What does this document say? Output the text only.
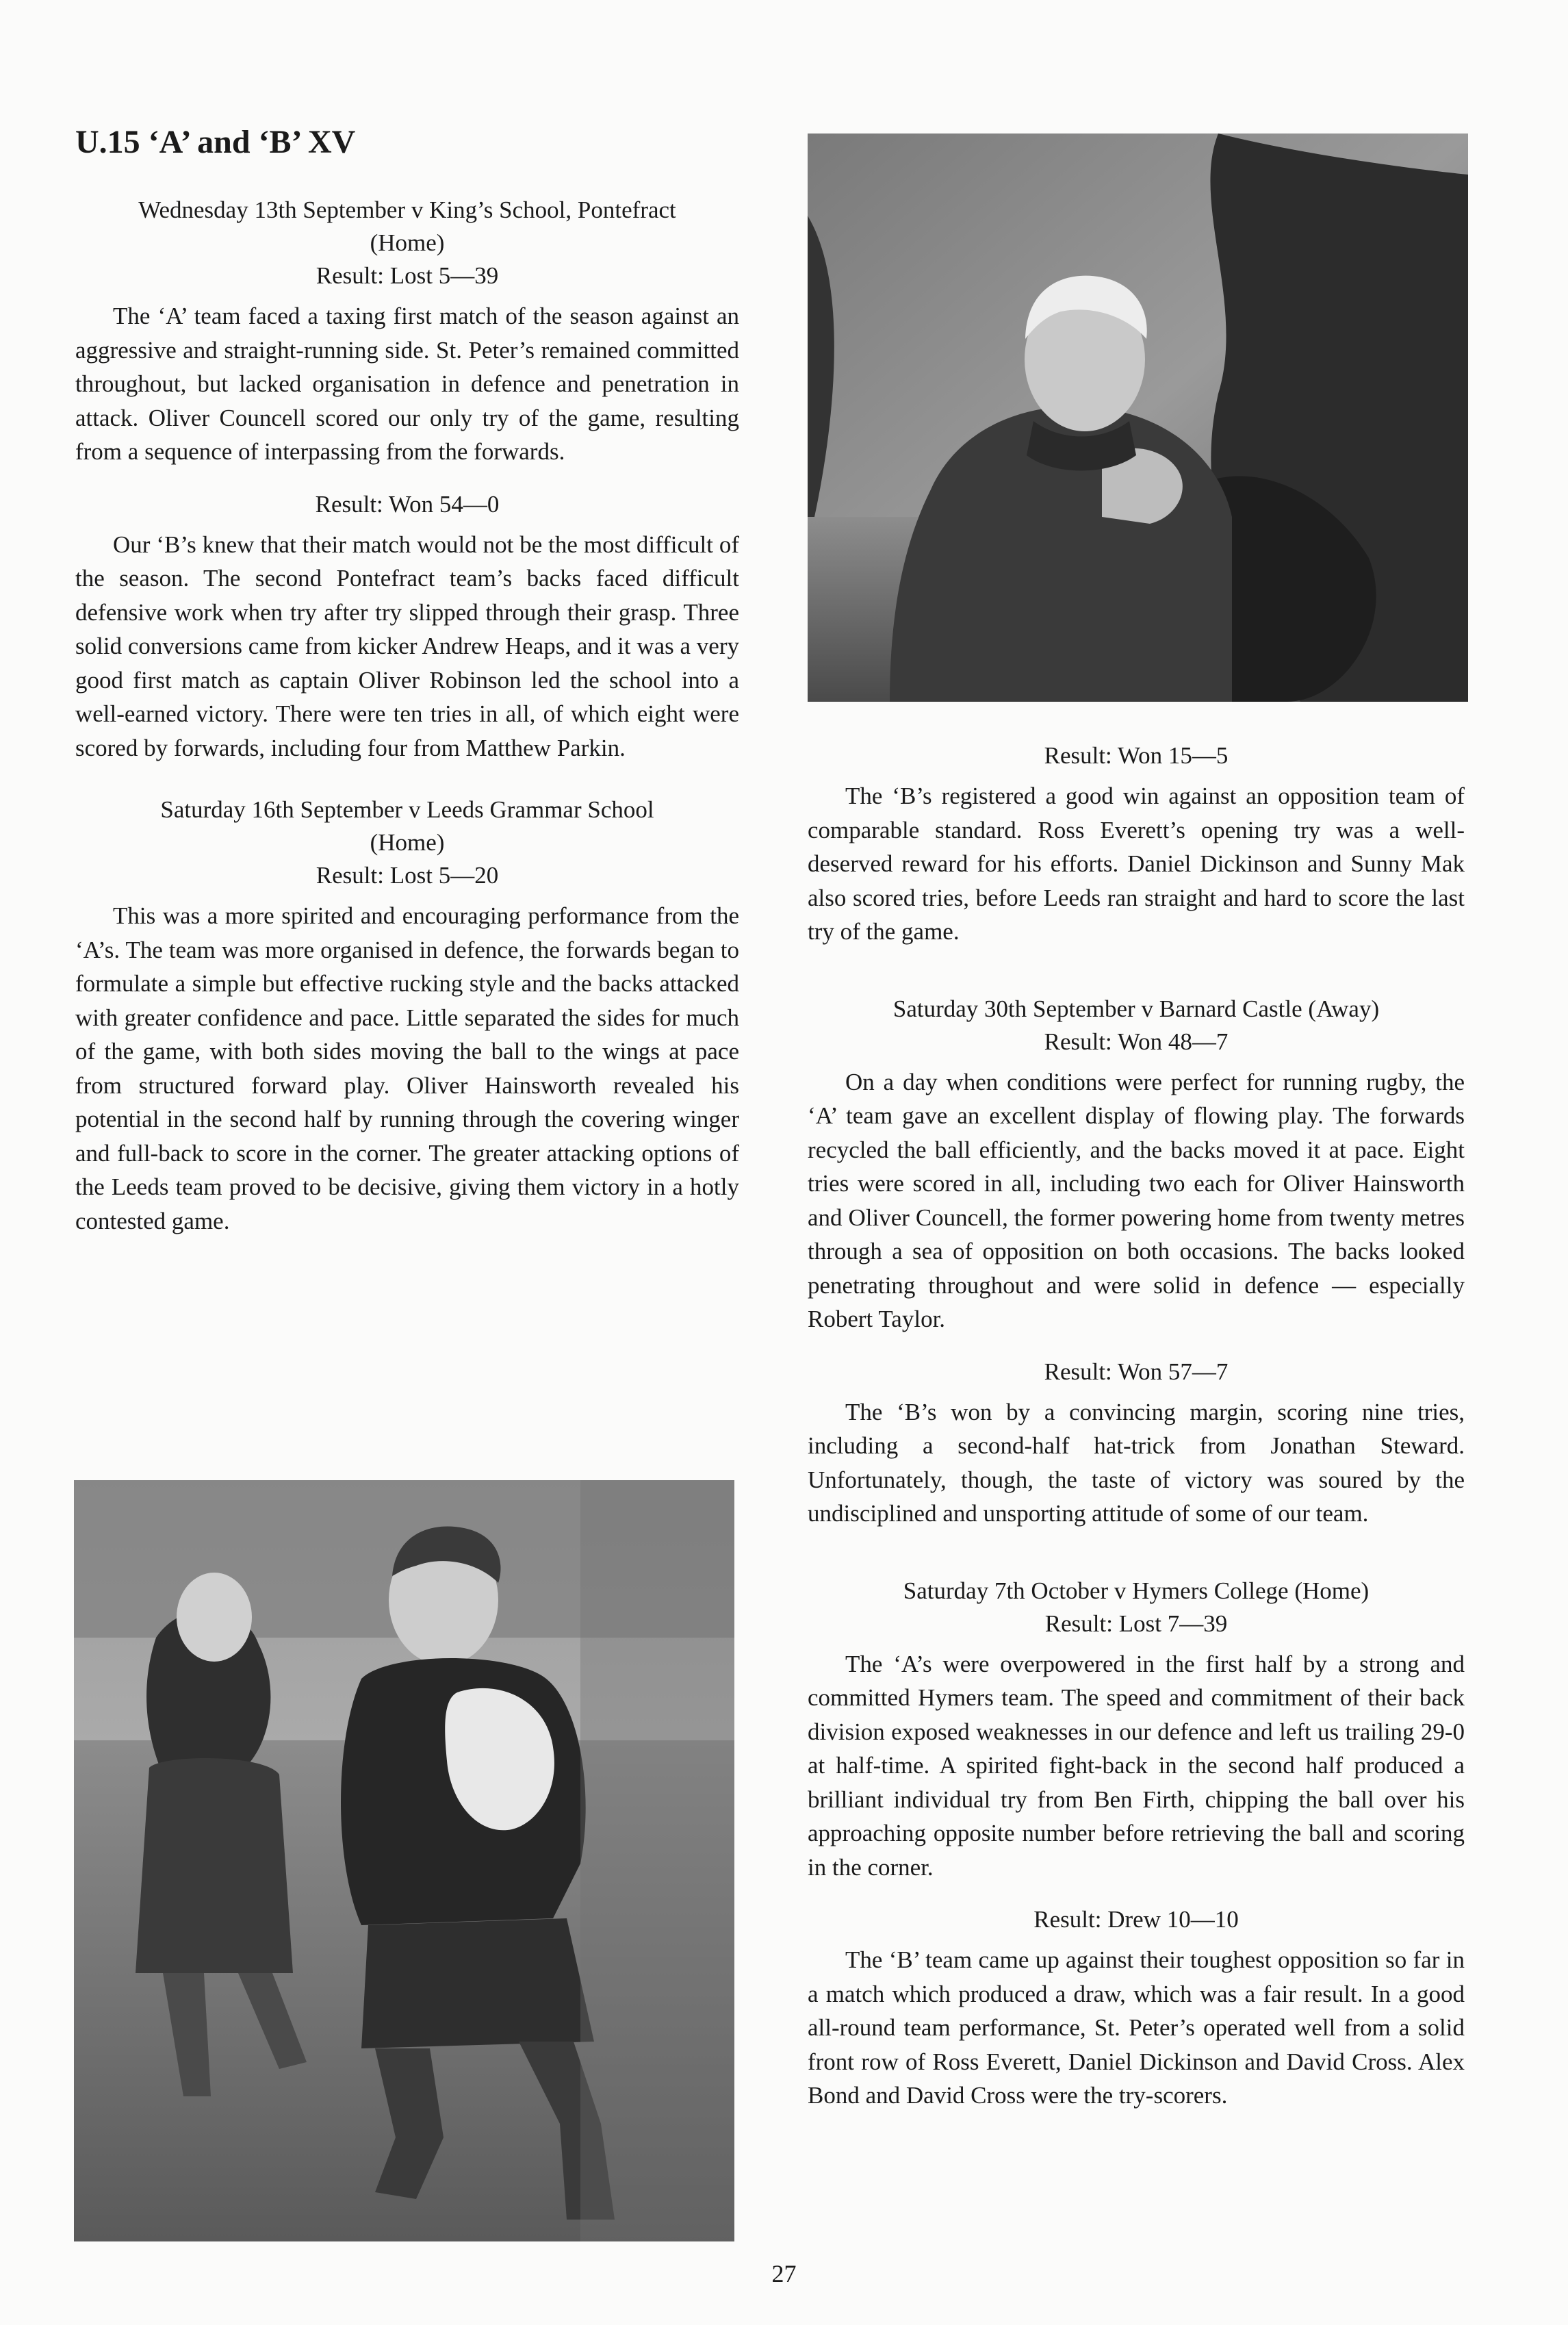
U.15 ‘A’ and ‘B’ XV
Wednesday 13th September v King’s School, Pontefract
(Home)
Result: Lost 5—39

The ‘A’ team faced a taxing first match of the season against an aggressive and straight-running side. St. Peter’s remained committed throughout, but lacked organisation in defence and penetration in attack. Oliver Councell scored our only try of the game, resulting from a sequence of interpassing from the forwards.

Result: Won 54—0

Our ‘B’s knew that their match would not be the most difficult of the season. The second Pontefract team’s backs faced difficult defensive work when try after try slipped through their grasp. Three solid conversions came from kicker Andrew Heaps, and it was a very good first match as captain Oliver Robinson led the school into a well-earned victory. There were ten tries in all, of which eight were scored by forwards, including four from Matthew Parkin.

Saturday 16th September v Leeds Grammar School
(Home)
Result: Lost 5—20

This was a more spirited and encouraging performance from the ‘A’s. The team was more organised in defence, the forwards began to formulate a simple but effective rucking style and the backs attacked with greater confidence and pace. Little separated the sides for much of the game, with both sides moving the ball to the wings at pace from structured forward play. Oliver Hainsworth revealed his potential in the second half by running through the covering winger and full-back to score in the corner. The greater attacking options of the Leeds team proved to be decisive, giving them victory in a hotly contested game.

Result: Won 15—5

The ‘B’s registered a good win against an opposition team of comparable standard. Ross Everett’s opening try was a well-deserved reward for his efforts. Daniel Dickinson and Sunny Mak also scored tries, before Leeds ran straight and hard to score the last try of the game.

Saturday 30th September v Barnard Castle (Away)
Result: Won 48—7

On a day when conditions were perfect for running rugby, the ‘A’ team gave an excellent display of flowing play. The forwards recycled the ball efficiently, and the backs moved it at pace. Eight tries were scored in all, including two each for Oliver Hainsworth and Oliver Councell, the former powering home from twenty metres through a sea of opposition on both occasions. The backs looked penetrating throughout and were solid in defence — especially Robert Taylor.

Result: Won 57—7

The ‘B’s won by a convincing margin, scoring nine tries, including a second-half hat-trick from Jonathan Steward. Unfortunately, though, the taste of victory was soured by the undisciplined and unsporting attitude of some of our team.

Saturday 7th October v Hymers College (Home)
Result: Lost 7—39

The ‘A’s were overpowered in the first half by a strong and committed Hymers team. The speed and commitment of their back division exposed weaknesses in our defence and left us trailing 29-0 at half-time. A spirited fight-back in the second half produced a brilliant individual try from Ben Firth, chipping the ball over his approaching opposite number before retrieving the ball and scoring in the corner.

Result: Drew 10—10

The ‘B’ team came up against their toughest opposition so far in a match which produced a draw, which was a fair result. In a good all-round team performance, St. Peter’s operated well from a solid front row of Ross Everett, Daniel Dickinson and David Cross. Alex Bond and David Cross were the try-scorers.

27
